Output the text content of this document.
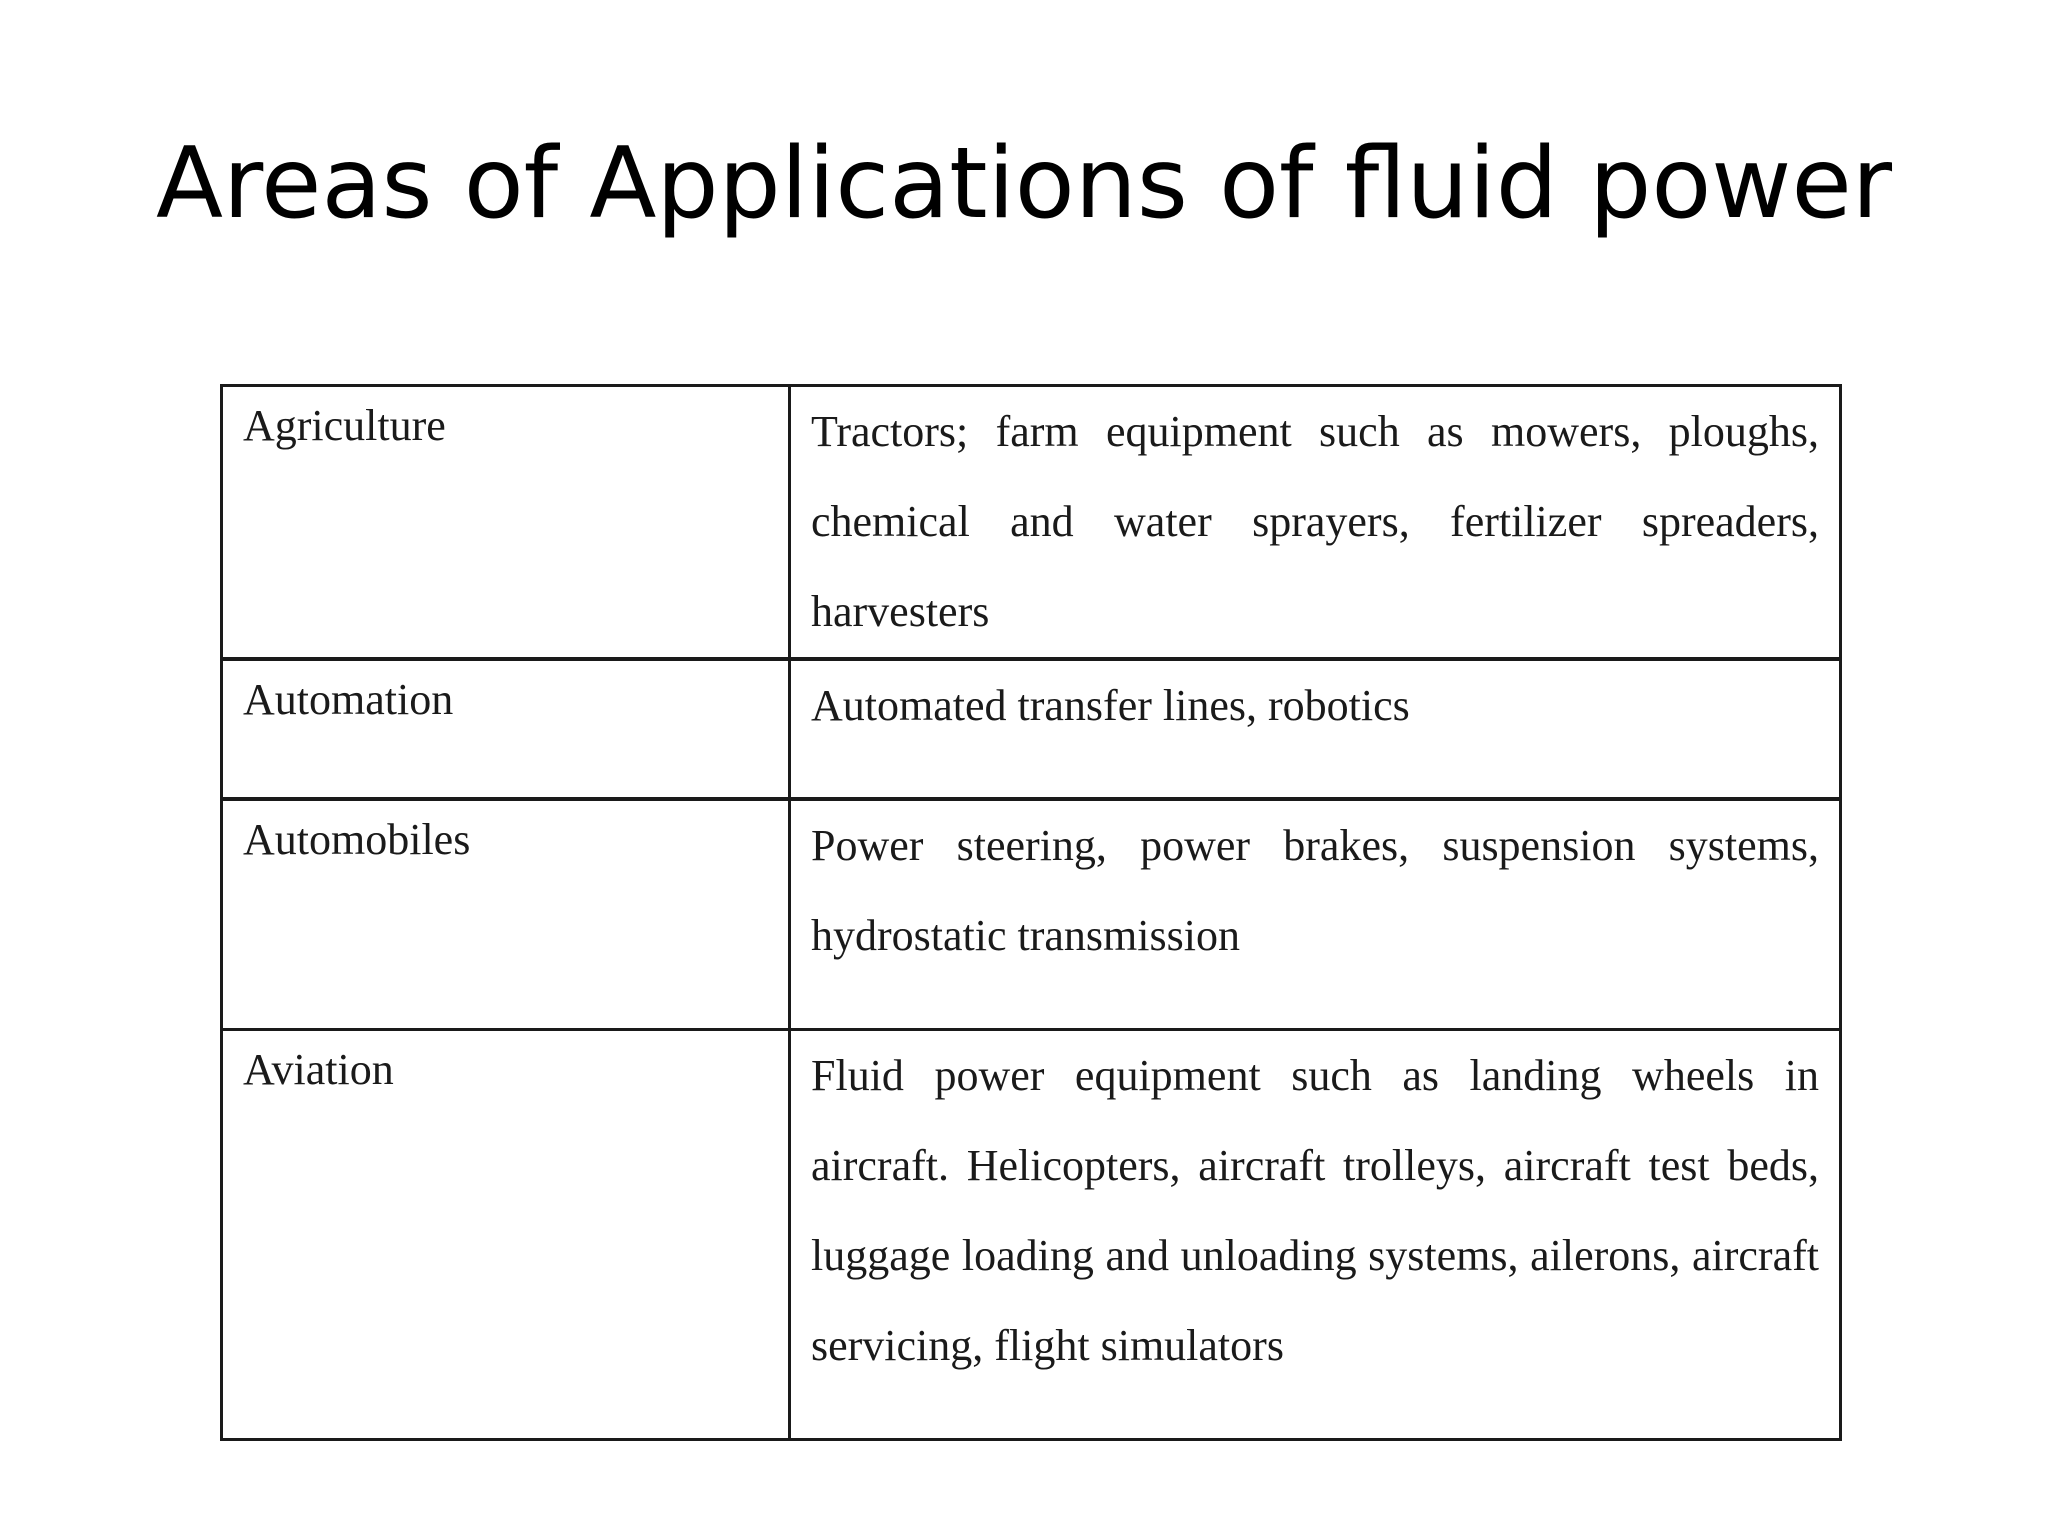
Areas of Applications of fluid power
Agriculture	Tractors; farm equipment such as mowers, ploughs, chemical and water sprayers, fertilizer spreaders, harvesters

Automation	Automated transfer lines, robotics

Automobiles	Power steering, power brakes, suspension systems, hydrostatic transmission

Aviation	Fluid power equipment such as landing wheels in aircraft. Helicopters, aircraft trolleys, aircraft test beds, luggage loading and unloading systems, ailerons, aircraft servicing, flight simulators
